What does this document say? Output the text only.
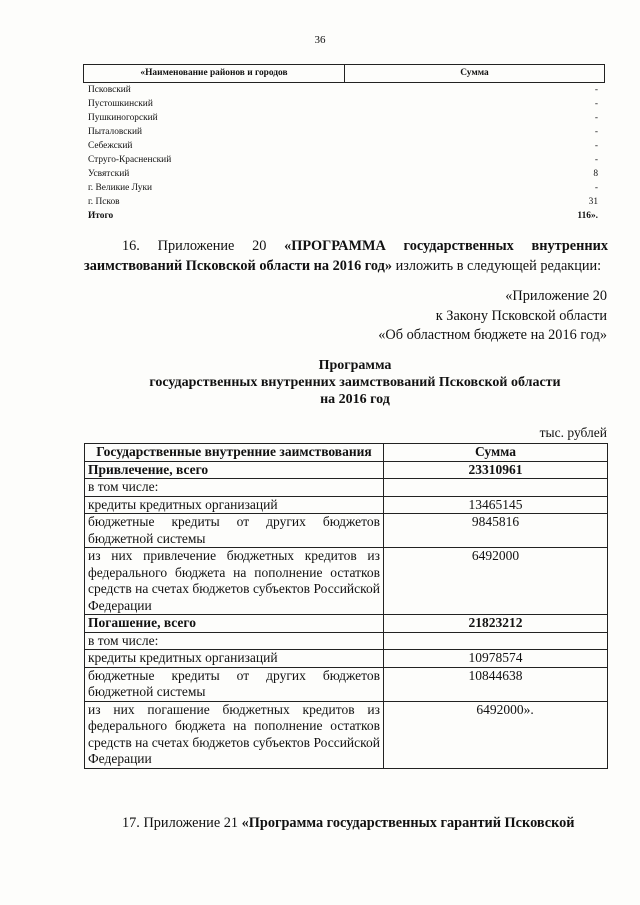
36
«Наименование районов и городов	Сумма
Псковский	-
Пустошкинский	-
Пушкиногорский	-
Пыталовский	-
Себежский	-
Струго-Красненский	-
Усвятский	8
г. Великие Луки	-
г. Псков	31
Итого	116».
16. Приложение 20 «ПРОГРАММА государственных внутренних заимствований Псковской области на 2016 год» изложить в следующей редакции:
«Приложение 20
к Закону Псковской области
«Об областном бюджете на 2016 год»
Программа
государственных внутренних заимствований Псковской области
на 2016 год
тыс. рублей
Государственные внутренние заимствования	Сумма
Привлечение, всего	23310961
в том числе:	
кредиты кредитных организаций	13465145
бюджетные кредиты от других бюджетов бюджетной системы	9845816
из них привлечение бюджетных кредитов из федерального бюджета на пополнение остатков средств на счетах бюджетов субъектов Российской Федерации	6492000
Погашение, всего	21823212
в том числе:	
кредиты кредитных организаций	10978574
бюджетные кредиты от других бюджетов бюджетной системы	10844638
из них погашение бюджетных кредитов из федерального бюджета на пополнение остатков средств на счетах бюджетов субъектов Российской Федерации	6492000».
17. Приложение 21 «Программа государственных гарантий Псковской
